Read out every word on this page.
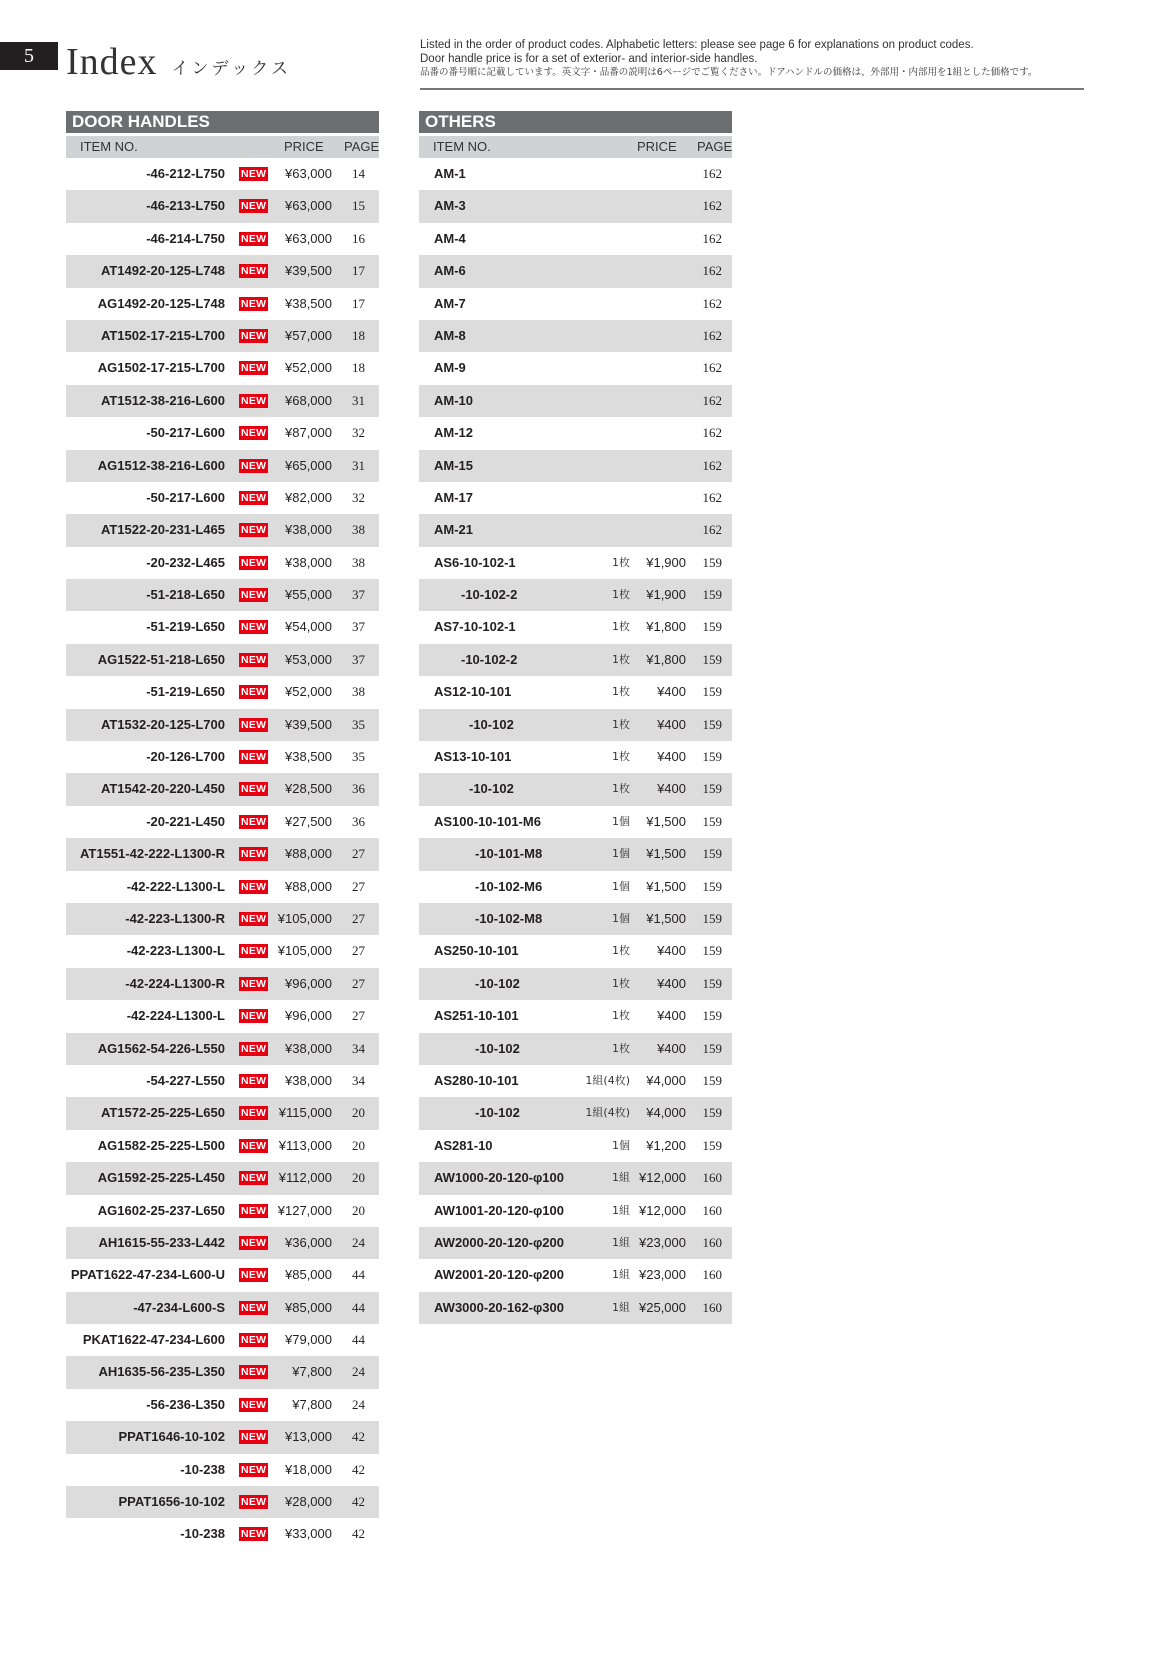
5 Index インデックス
Listed in the order of product codes. Alphabetic letters: please see page 6 for explanations on product codes.
Door handle price is for a set of exterior- and interior-side handles.
品番の番号順に記載しています。英文字・品番の説明は6ページでご覧ください。ドアハンドルの価格は、外部用・内部用を1組とした価格です。
DOOR HANDLES
ITEM NO.	PRICE PAGE
-46-212-L750 NEW ¥63,000 14
-46-213-L750 NEW ¥63,000 15
-46-214-L750 NEW ¥63,000 16
AT1492-20-125-L748 NEW ¥39,500 17
AG1492-20-125-L748 NEW ¥38,500 17
AT1502-17-215-L700 NEW ¥57,000 18
AG1502-17-215-L700 NEW ¥52,000 18
AT1512-38-216-L600 NEW ¥68,000 31
-50-217-L600 NEW ¥87,000 32
AG1512-38-216-L600 NEW ¥65,000 31
-50-217-L600 NEW ¥82,000 32
AT1522-20-231-L465 NEW ¥38,000 38
-20-232-L465 NEW ¥38,000 38
-51-218-L650 NEW ¥55,000 37
-51-219-L650 NEW ¥54,000 37
AG1522-51-218-L650 NEW ¥53,000 37
-51-219-L650 NEW ¥52,000 38
AT1532-20-125-L700 NEW ¥39,500 35
-20-126-L700 NEW ¥38,500 35
AT1542-20-220-L450 NEW ¥28,500 36
-20-221-L450 NEW ¥27,500 36
AT1551-42-222-L1300-R NEW ¥88,000 27
-42-222-L1300-L NEW ¥88,000 27
-42-223-L1300-R NEW ¥105,000 27
-42-223-L1300-L NEW ¥105,000 27
-42-224-L1300-R NEW ¥96,000 27
-42-224-L1300-L NEW ¥96,000 27
AG1562-54-226-L550 NEW ¥38,000 34
-54-227-L550 NEW ¥38,000 34
AT1572-25-225-L650 NEW ¥115,000 20
AG1582-25-225-L500 NEW ¥113,000 20
AG1592-25-225-L450 NEW ¥112,000 20
AG1602-25-237-L650 NEW ¥127,000 20
AH1615-55-233-L442 NEW ¥36,000 24
PPAT1622-47-234-L600-U NEW ¥85,000 44
-47-234-L600-S NEW ¥85,000 44
PKAT1622-47-234-L600 NEW ¥79,000 44
AH1635-56-235-L350 NEW ¥7,800 24
-56-236-L350 NEW ¥7,800 24
PPAT1646-10-102 NEW ¥13,000 42
-10-238 NEW ¥18,000 42
PPAT1656-10-102 NEW ¥28,000 42
-10-238 NEW ¥33,000 42
OTHERS
ITEM NO.	PRICE PAGE
AM-1	162
AM-3	162
AM-4	162
AM-6	162
AM-7	162
AM-8	162
AM-9	162
AM-10	162
AM-12	162
AM-15	162
AM-17	162
AM-21	162
AS6-10-102-1	1枚 ¥1,900 159
-10-102-2	1枚 ¥1,900 159
AS7-10-102-1	1枚 ¥1,800 159
-10-102-2	1枚 ¥1,800 159
AS12-10-101	1枚 ¥400 159
-10-102	1枚 ¥400 159
AS13-10-101	1枚 ¥400 159
-10-102	1枚 ¥400 159
AS100-10-101-M6	1個 ¥1,500 159
-10-101-M8	1個 ¥1,500 159
-10-102-M6	1個 ¥1,500 159
-10-102-M8	1個 ¥1,500 159
AS250-10-101	1枚 ¥400 159
-10-102	1枚 ¥400 159
AS251-10-101	1枚 ¥400 159
-10-102	1枚 ¥400 159
AS280-10-101	1組(4枚) ¥4,000 159
-10-102	1組(4枚) ¥4,000 159
AS281-10	1個 ¥1,200 159
AW1000-20-120-φ100	1組 ¥12,000 160
AW1001-20-120-φ100	1組 ¥12,000 160
AW2000-20-120-φ200	1組 ¥23,000 160
AW2001-20-120-φ200	1組 ¥23,000 160
AW3000-20-162-φ300	1組 ¥25,000 160
